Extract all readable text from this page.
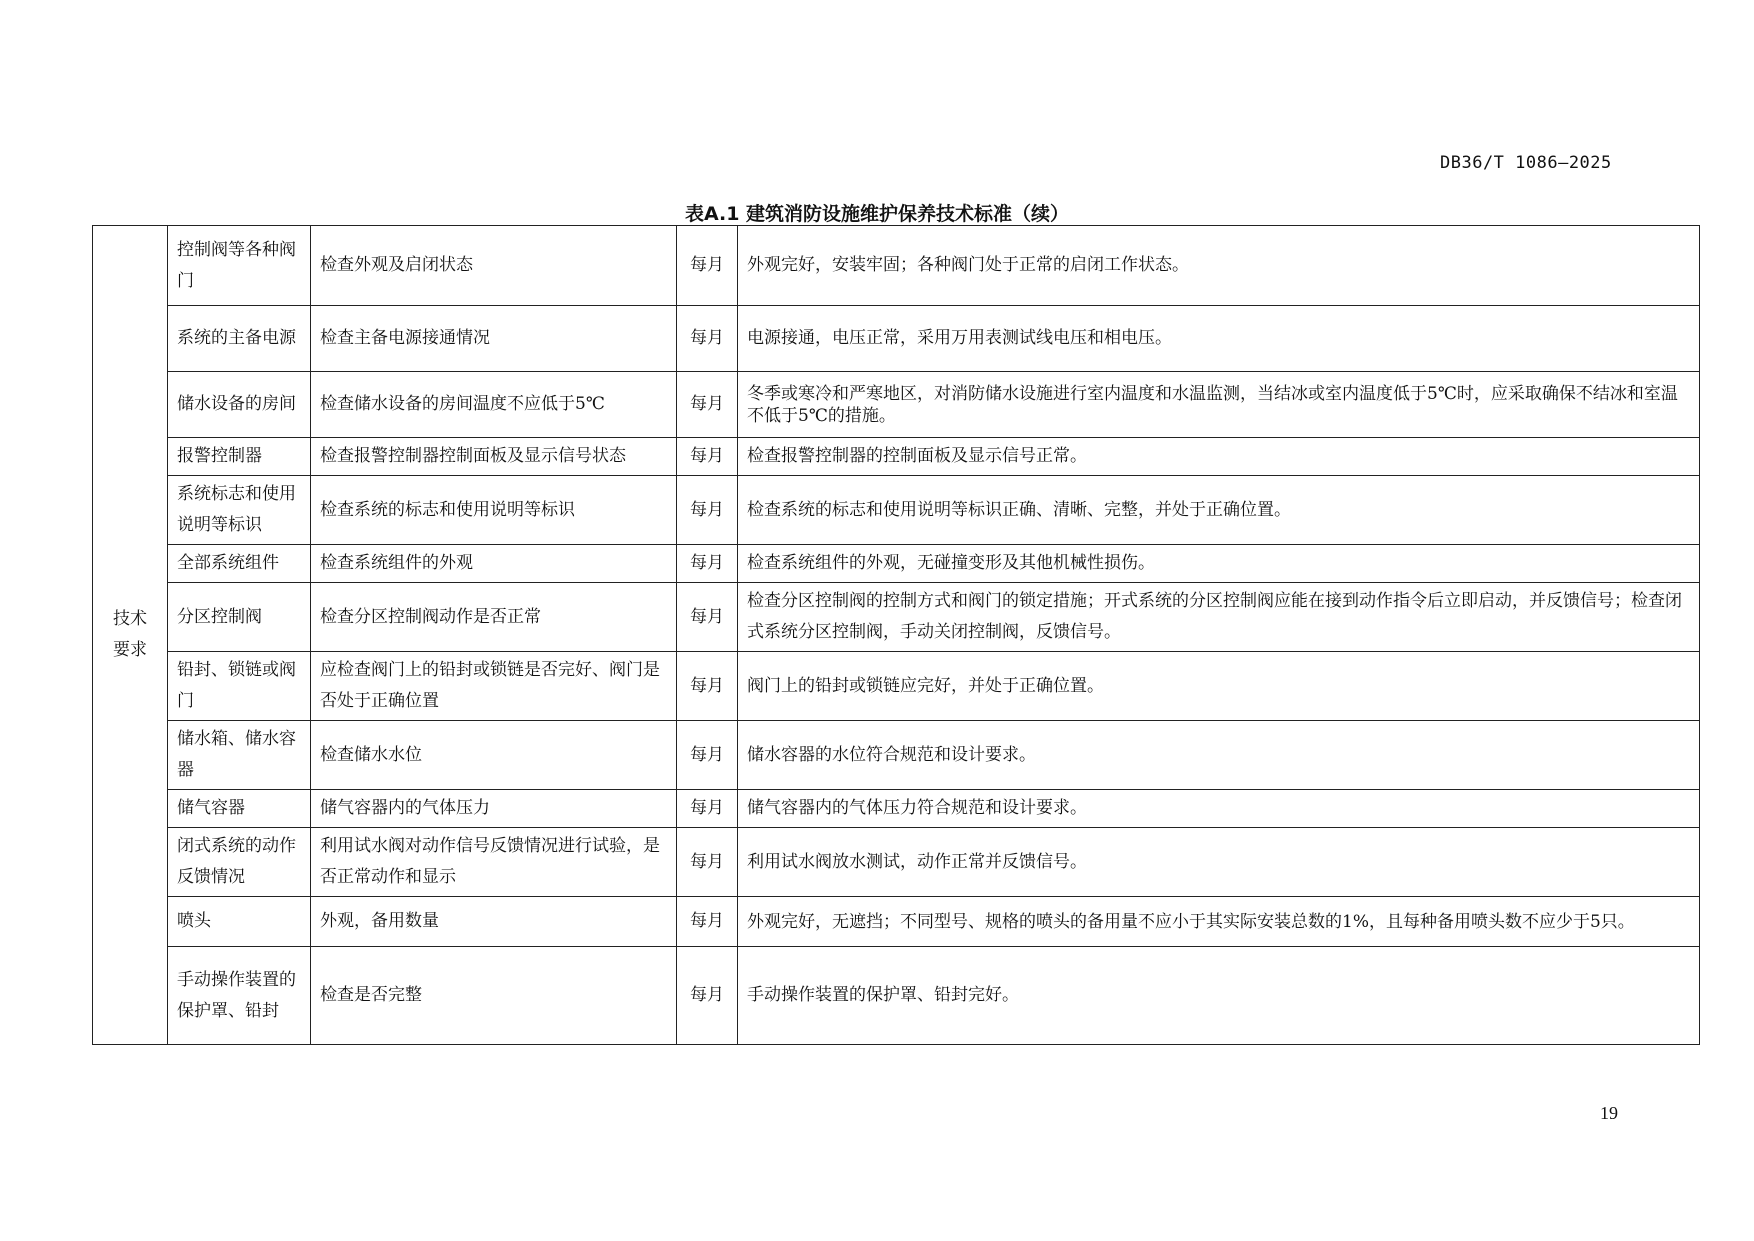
DB36/T 1086—2025
表A.1 建筑消防设施维护保养技术标准（续）
技术
要求	控制阀等各种阀门	检查外观及启闭状态	每月	外观完好，安装牢固；各种阀门处于正常的启闭工作状态。
	系统的主备电源	检查主备电源接通情况	每月	电源接通，电压正常，采用万用表测试线电压和相电压。
	储水设备的房间	检查储水设备的房间温度不应低于5℃	每月	冬季或寒冷和严寒地区，对消防储水设施进行室内温度和水温监测，当结冰或室内温度低于5℃时，应采取确保不结冰和室温不低于5℃的措施。
	报警控制器	检查报警控制器控制面板及显示信号状态	每月	检查报警控制器的控制面板及显示信号正常。
	系统标志和使用说明等标识	检查系统的标志和使用说明等标识	每月	检查系统的标志和使用说明等标识正确、清晰、完整，并处于正确位置。
	全部系统组件	检查系统组件的外观	每月	检查系统组件的外观，无碰撞变形及其他机械性损伤。
	分区控制阀	检查分区控制阀动作是否正常	每月	检查分区控制阀的控制方式和阀门的锁定措施；开式系统的分区控制阀应能在接到动作指令后立即启动，并反馈信号；检查闭式系统分区控制阀，手动关闭控制阀，反馈信号。
	铅封、锁链或阀门	应检查阀门上的铅封或锁链是否完好、阀门是否处于正确位置	每月	阀门上的铅封或锁链应完好，并处于正确位置。
	储水箱、储水容器	检查储水水位	每月	储水容器的水位符合规范和设计要求。
	储气容器	储气容器内的气体压力	每月	储气容器内的气体压力符合规范和设计要求。
	闭式系统的动作反馈情况	利用试水阀对动作信号反馈情况进行试验，是否正常动作和显示	每月	利用试水阀放水测试，动作正常并反馈信号。
	喷头	外观，备用数量	每月	外观完好，无遮挡；不同型号、规格的喷头的备用量不应小于其实际安装总数的1%，且每种备用喷头数不应少于5只。
	手动操作装置的保护罩、铅封	检查是否完整	每月	手动操作装置的保护罩、铅封完好。
19
